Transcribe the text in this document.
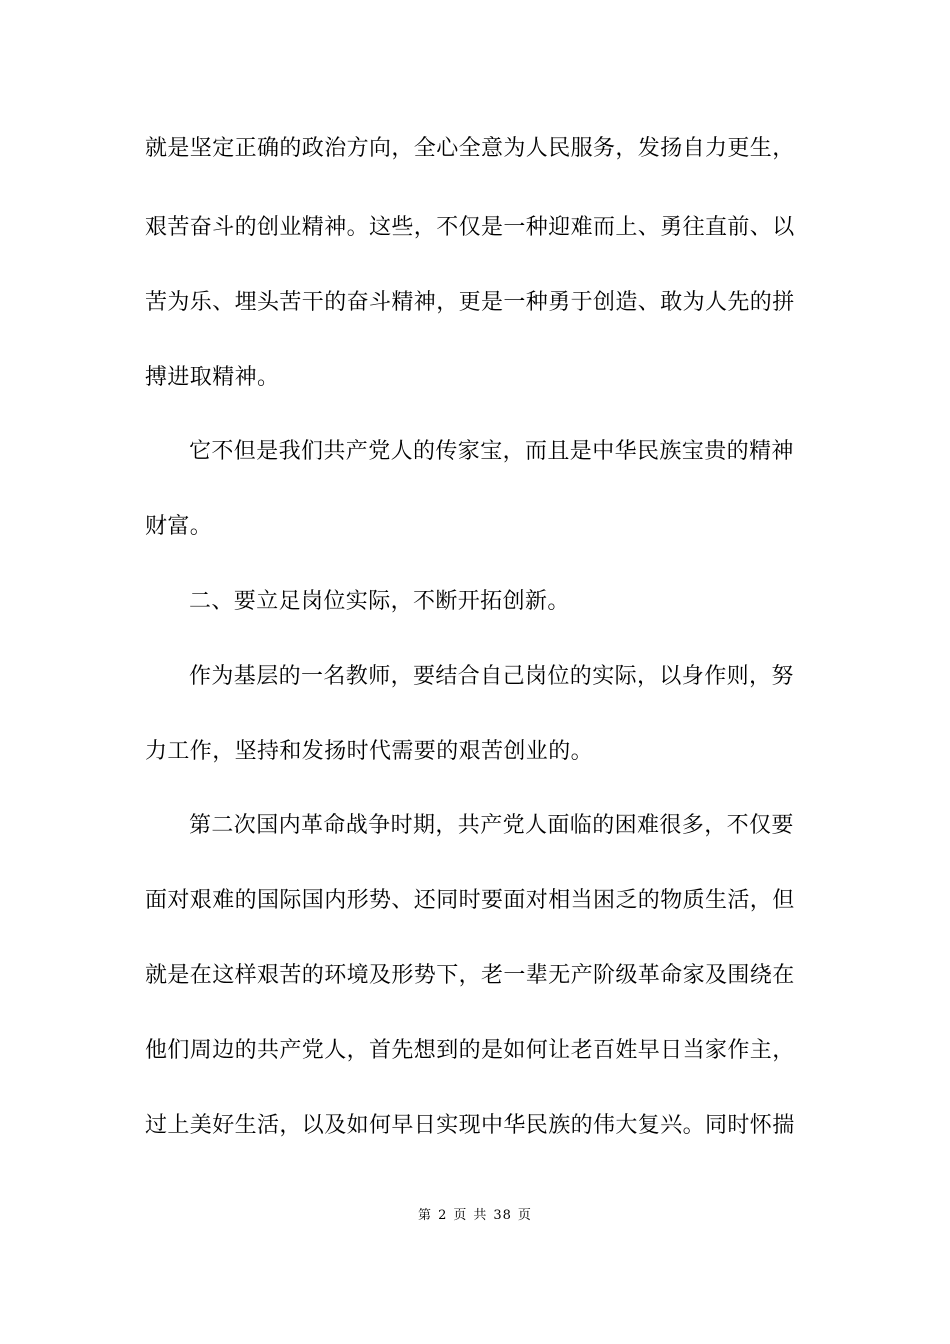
就是坚定正确的政治方向，全心全意为人民服务，发扬自力更生，
艰苦奋斗的创业精神。这些，不仅是一种迎难而上、勇往直前、以
苦为乐、埋头苦干的奋斗精神，更是一种勇于创造、敢为人先的拼
搏进取精神。
它不但是我们共产党人的传家宝，而且是中华民族宝贵的精神
财富。
二、要立足岗位实际，不断开拓创新。
作为基层的一名教师，要结合自己岗位的实际，以身作则，努
力工作，坚持和发扬时代需要的艰苦创业的。
第二次国内革命战争时期，共产党人面临的困难很多，不仅要
面对艰难的国际国内形势、还同时要面对相当困乏的物质生活，但
就是在这样艰苦的环境及形势下，老一辈无产阶级革命家及围绕在
他们周边的共产党人，首先想到的是如何让老百姓早日当家作主，
过上美好生活，以及如何早日实现中华民族的伟大复兴。同时怀揣
第 2 页 共 38 页
